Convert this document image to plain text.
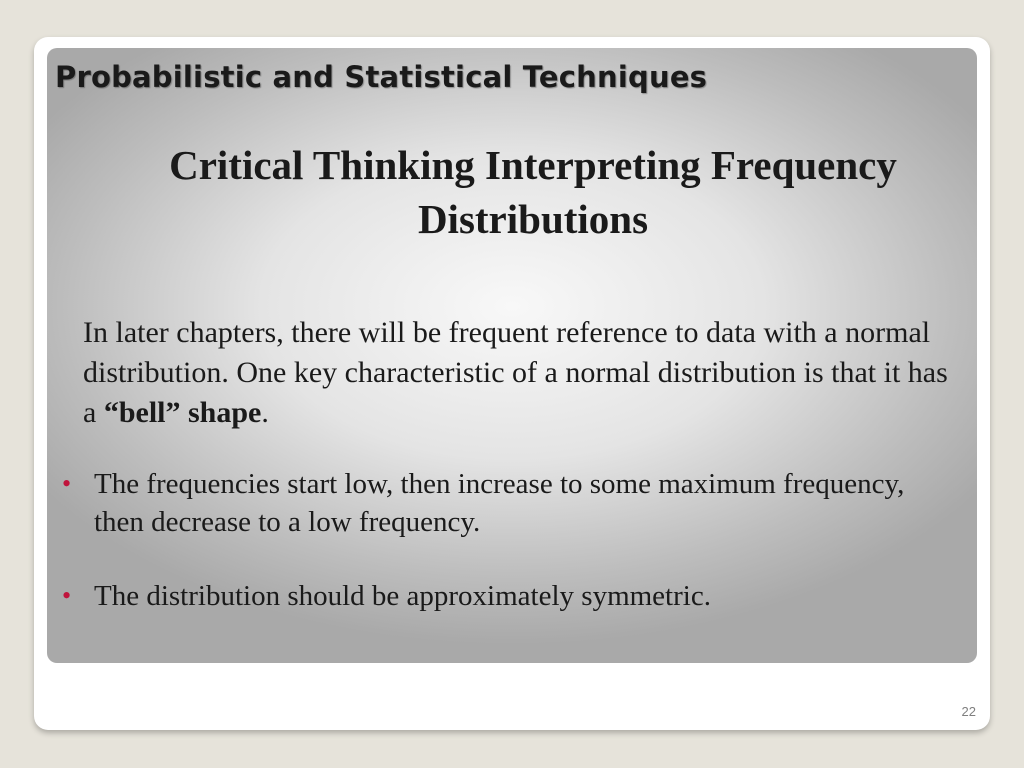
Probabilistic and Statistical Techniques
Critical Thinking Interpreting Frequency Distributions

In later chapters, there will be frequent reference to data with a normal distribution. One key characteristic of a normal distribution is that it has a “bell” shape.

• The frequencies start low, then increase to some maximum frequency, then decrease to a low frequency.
• The distribution should be approximately symmetric.
22
